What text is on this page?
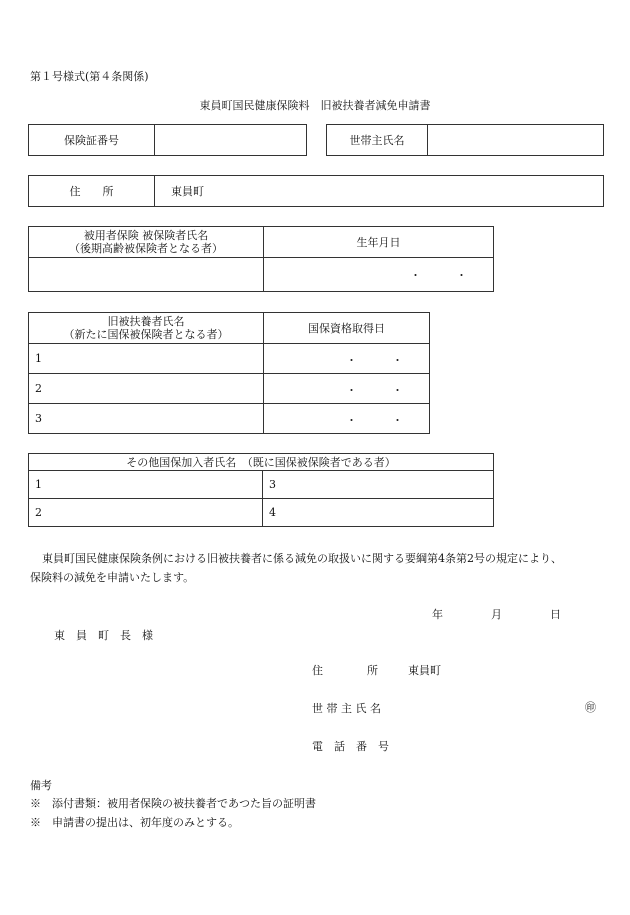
第１号様式(第４条関係)
東員町国民健康保険料　旧被扶養者減免申請書
保険証番号		世帯主氏名	
住　　所	東員町
被用者保険 被保険者氏名
（後期高齢被保険者となる者）	生年月日

	・ ・
旧被扶養者氏名
（新たに国保被保険者となる者）	国保資格取得日
1	・ ・

2	・ ・

3	・ ・
その他国保加入者氏名　（既に国保被保険者である者）	
1	3
2	4
東員町国民健康保険条例における旧被扶養者に係る減免の取扱いに関する要綱第4条第2号の規定により、
保険料の減免を申請いたします。
年	月	日
東　員　町　長　様
住　　　　所	東員町
世 帯 主 氏 名	㊞
電　話　番　号
備考
※　添付書類：被用者保険の被扶養者であつた旨の証明書
※　申請書の提出は、初年度のみとする。
